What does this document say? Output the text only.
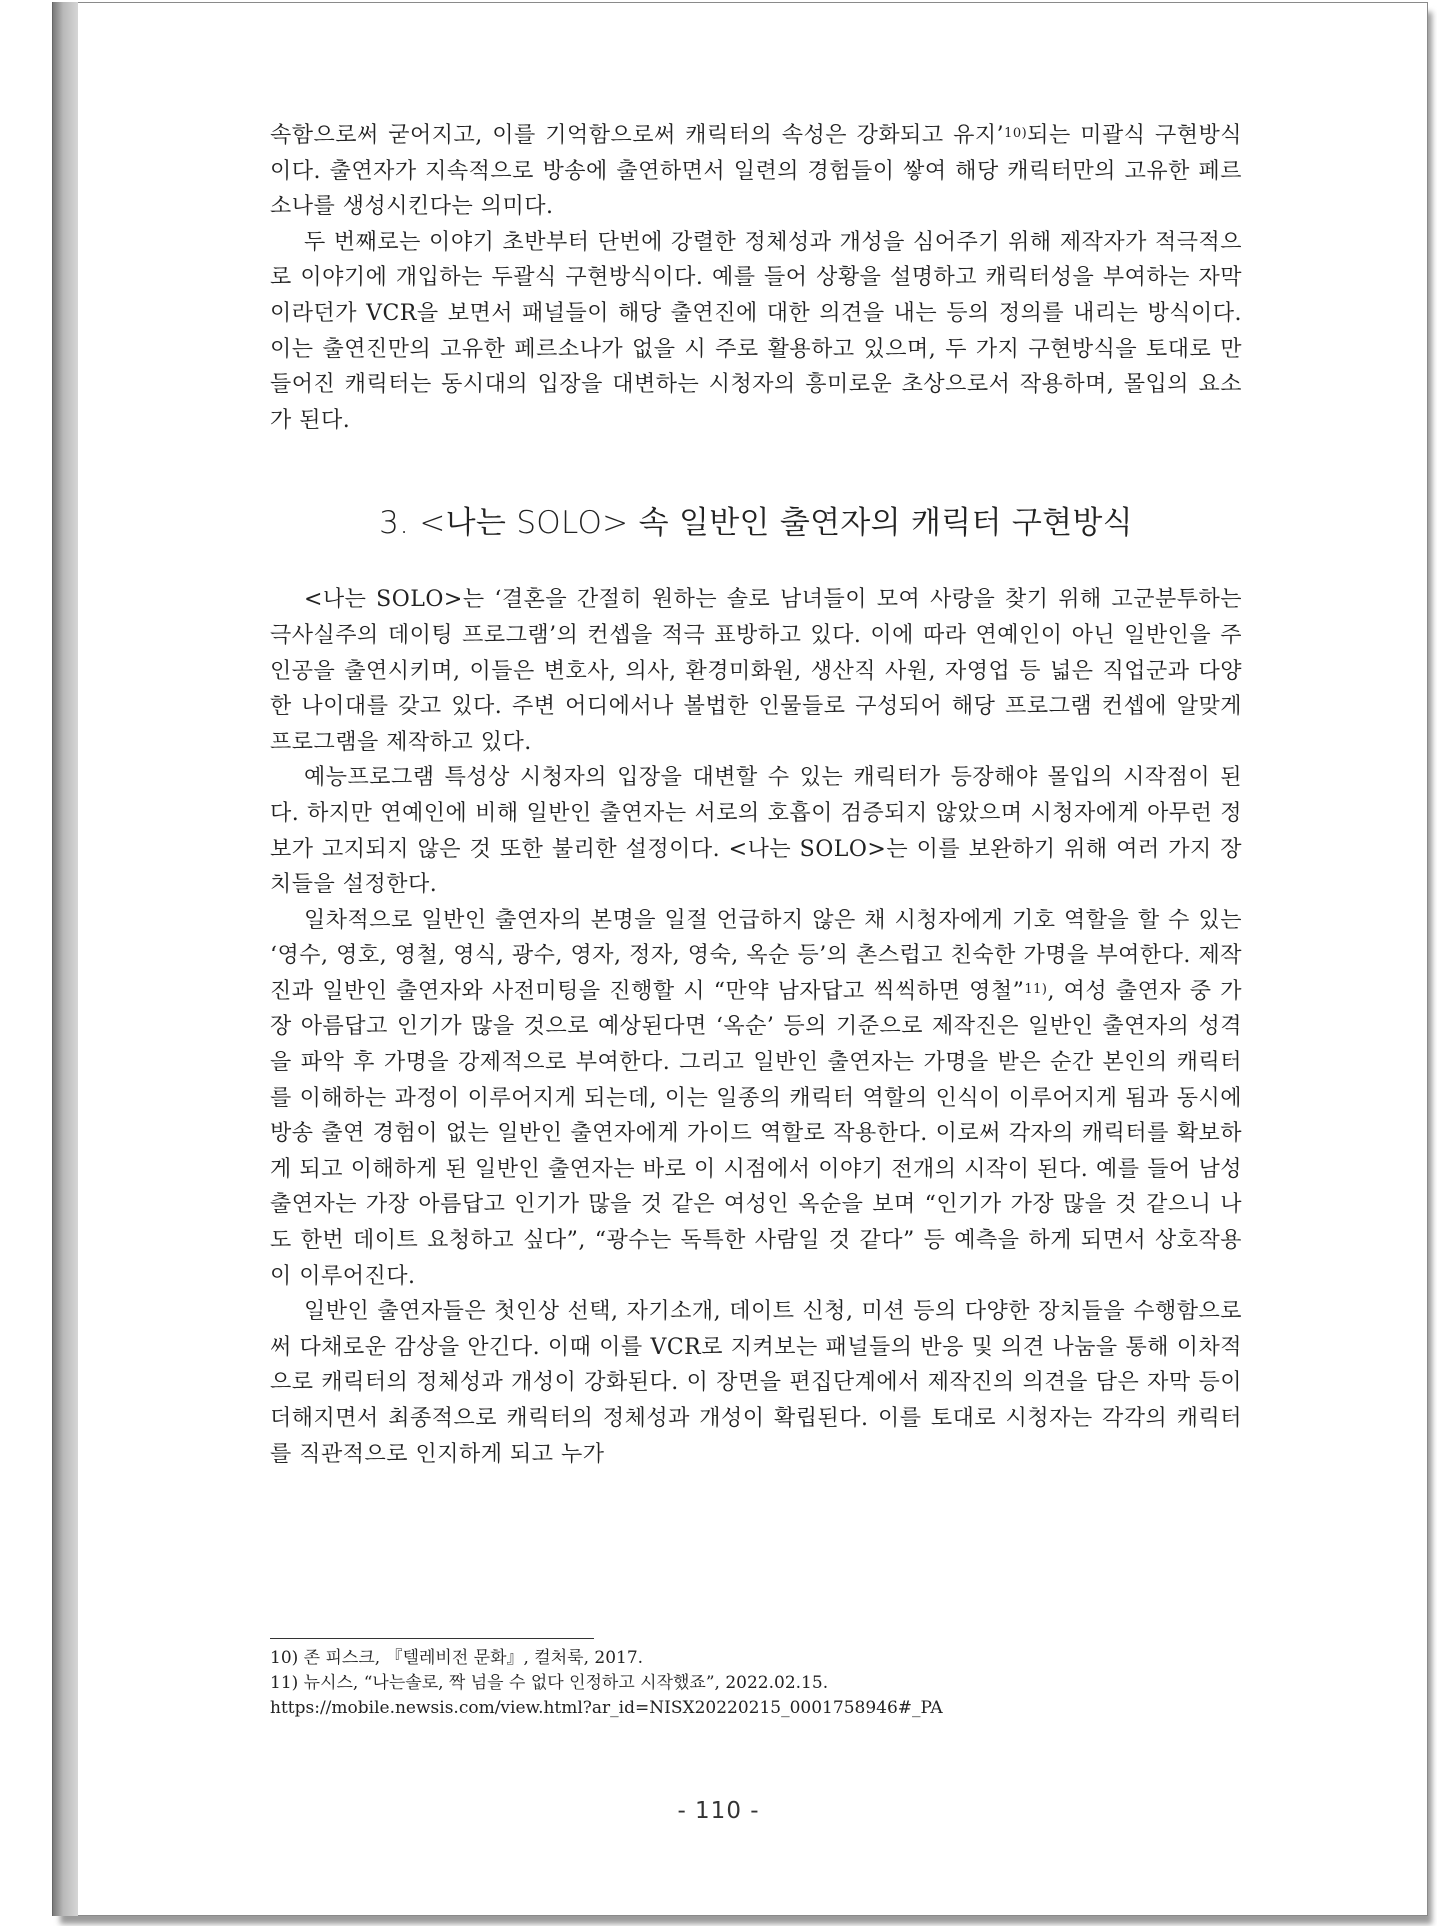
속함으로써 굳어지고, 이를 기억함으로써 캐릭터의 속성은 강화되고 유지’$^{10)}$되는 미괄식 구현방식이다. 출연자가 지속적으로 방송에 출연하면서 일련의 경험들이 쌓여 해당 캐릭터만의 고유한 페르소나를 생성시킨다는 의미다.

두 번째로는 이야기 초반부터 단번에 강렬한 정체성과 개성을 심어주기 위해 제작자가 적극적으로 이야기에 개입하는 두괄식 구현방식이다. 예를 들어 상황을 설명하고 캐릭터성을 부여하는 자막이라던가 VCR을 보면서 패널들이 해당 출연진에 대한 의견을 내는 등의 정의를 내리는 방식이다. 이는 출연진만의 고유한 페르소나가 없을 시 주로 활용하고 있으며, 두 가지 구현방식을 토대로 만들어진 캐릭터는 동시대의 입장을 대변하는 시청자의 흥미로운 초상으로서 작용하며, 몰입의 요소가 된다.

3. <나는 SOLO> 속 일반인 출연자의 캐릭터 구현방식

<나는 SOLO>는 ‘결혼을 간절히 원하는 솔로 남녀들이 모여 사랑을 찾기 위해 고군분투하는 극사실주의 데이팅 프로그램’의 컨셉을 적극 표방하고 있다. 이에 따라 연예인이 아닌 일반인을 주인공을 출연시키며, 이들은 변호사, 의사, 환경미화원, 생산직 사원, 자영업 등 넓은 직업군과 다양한 나이대를 갖고 있다. 주변 어디에서나 볼법한 인물들로 구성되어 해당 프로그램 컨셉에 알맞게 프로그램을 제작하고 있다.

예능프로그램 특성상 시청자의 입장을 대변할 수 있는 캐릭터가 등장해야 몰입의 시작점이 된다. 하지만 연예인에 비해 일반인 출연자는 서로의 호흡이 검증되지 않았으며 시청자에게 아무런 정보가 고지되지 않은 것 또한 불리한 설정이다. <나는 SOLO>는 이를 보완하기 위해 여러 가지 장치들을 설정한다.

일차적으로 일반인 출연자의 본명을 일절 언급하지 않은 채 시청자에게 기호 역할을 할 수 있는 ‘영수, 영호, 영철, 영식, 광수, 영자, 정자, 영숙, 옥순 등’의 촌스럽고 친숙한 가명을 부여한다. 제작진과 일반인 출연자와 사전미팅을 진행할 시 “만약 남자답고 씩씩하면 영철”$^{11)}$, 여성 출연자 중 가장 아름답고 인기가 많을 것으로 예상된다면 ‘옥순’ 등의 기준으로 제작진은 일반인 출연자의 성격을 파악 후 가명을 강제적으로 부여한다. 그리고 일반인 출연자는 가명을 받은 순간 본인의 캐릭터를 이해하는 과정이 이루어지게 되는데, 이는 일종의 캐릭터 역할의 인식이 이루어지게 됨과 동시에 방송 출연 경험이 없는 일반인 출연자에게 가이드 역할로 작용한다. 이로써 각자의 캐릭터를 확보하게 되고 이해하게 된 일반인 출연자는 바로 이 시점에서 이야기 전개의 시작이 된다. 예를 들어 남성 출연자는 가장 아름답고 인기가 많을 것 같은 여성인 옥순을 보며 “인기가 가장 많을 것 같으니 나도 한번 데이트 요청하고 싶다”, “광수는 독특한 사람일 것 같다” 등 예측을 하게 되면서 상호작용이 이루어진다.

일반인 출연자들은 첫인상 선택, 자기소개, 데이트 신청, 미션 등의 다양한 장치들을 수행함으로써 다채로운 감상을 안긴다. 이때 이를 VCR로 지켜보는 패널들의 반응 및 의견 나눔을 통해 이차적으로 캐릭터의 정체성과 개성이 강화된다. 이 장면을 편집단계에서 제작진의 의견을 담은 자막 등이 더해지면서 최종적으로 캐릭터의 정체성과 개성이 확립된다. 이를 토대로 시청자는 각각의 캐릭터를 직관적으로 인지하게 되고 누가

10) 존 피스크, 『텔레비전 문화』, 컬처룩, 2017.

11) 뉴시스, “나는솔로, 짝 넘을 수 없다 인정하고 시작했죠”, 2022.02.15.

https://mobile.newsis.com/view.html?ar_id=NISX20220215_0001758946#_PA

- 110 -
